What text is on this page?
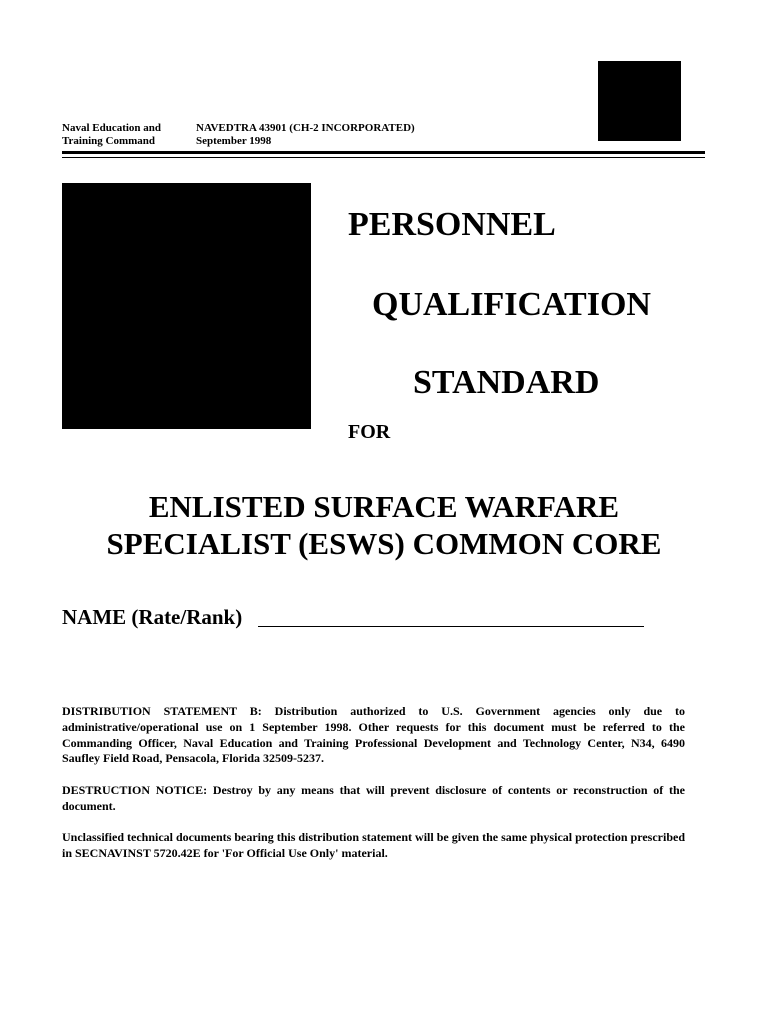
Naval Education and
Training Command
NAVEDTRA 43901 (CH-2 INCORPORATED)
September 1998
PERSONNEL
QUALIFICATION
STANDARD
FOR
ENLISTED SURFACE WARFARE
SPECIALIST (ESWS) COMMON CORE
NAME (Rate/Rank)
DISTRIBUTION STATEMENT B: Distribution authorized to U.S. Government agencies only due to administrative/operational use on 1 September 1998. Other requests for this document must be referred to the Commanding Officer, Naval Education and Training Professional Development and Technology Center, N34, 6490 Saufley Field Road, Pensacola, Florida 32509-5237.
DESTRUCTION NOTICE: Destroy by any means that will prevent disclosure of contents or reconstruction of the document.
Unclassified technical documents bearing this distribution statement will be given the same physical protection prescribed in SECNAVINST 5720.42E for 'For Official Use Only' material.
